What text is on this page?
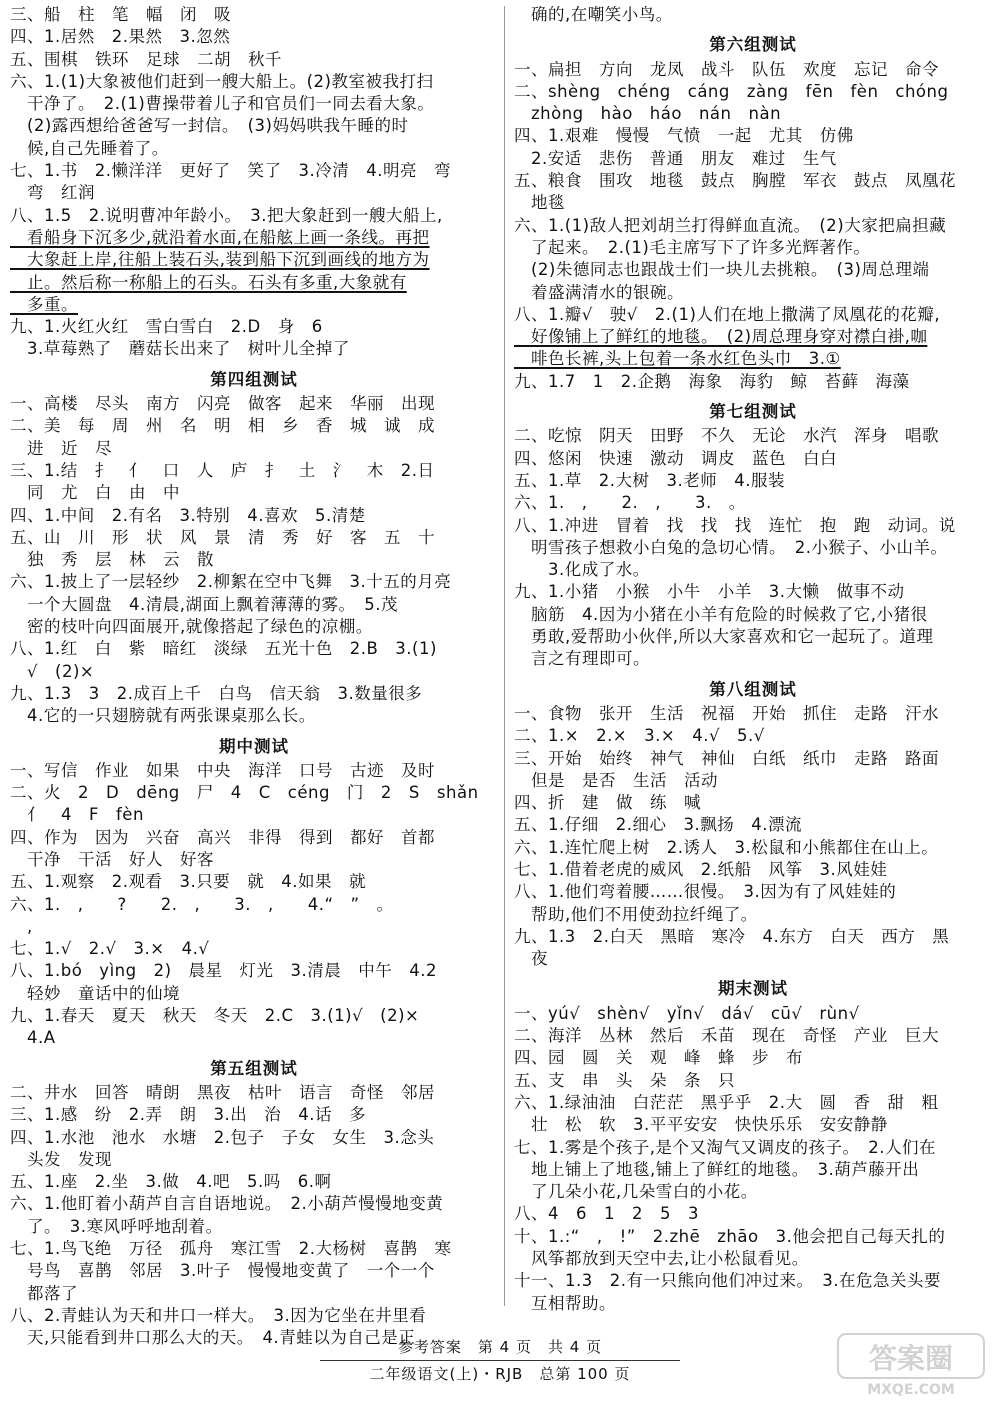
三、船　柱　笔　幅　闭　吸
四、1.居然　2.果然　3.忽然
五、围棋　铁环　足球　二胡　秋千
六、1.(1)大象被他们赶到一艘大船上。(2)教室被我打扫
　干净了。　2.(1)曹操带着儿子和官员们一同去看大象。
　(2)露西想给爸爸写一封信。　(3)妈妈哄我午睡的时
　候,自己先睡着了。
七、1.书　2.懒洋洋　更好了　笑了　3.冷清　4.明亮　弯
　弯　红润
八、1.5　2.说明曹冲年龄小。　3.把大象赶到一艘大船上,
　看船身下沉多少,就沿着水面,在船舷上画一条线。再把
　大象赶上岸,往船上装石头,装到船下沉到画线的地方为
　止。然后称一称船上的石头。石头有多重,大象就有
　多重。
九、1.火红火红　雪白雪白　2.D　身　6
　3.草莓熟了　蘑菇长出来了　树叶儿全掉了
第四组测试
一、高楼　尽头　南方　闪亮　做客　起来　华丽　出现
二、美　每　周　州　名　明　相　乡　香　城　诚　成
　进　近　尽
三、1.结　扌　亻　口　人　庐　扌　土　氵　木　2.日
　同　尤　白　由　中
四、1.中间　2.有名　3.特别　4.喜欢　5.清楚
五、山　川　形　状　风　景　清　秀　好　客　五　十
　独　秀　层　林　云　散
六、1.披上了一层轻纱　2.柳絮在空中飞舞　3.十五的月亮
　一个大圆盘　4.清晨,湖面上飘着薄薄的雾。　5.茂
　密的枝叶向四面展开,就像搭起了绿色的凉棚。
八、1.红　白　紫　暗红　淡绿　五光十色　2.B　3.(1)
　√　(2)×
九、1.3　3　2.成百上千　白鸟　信天翁　3.数量很多
　4.它的一只翅膀就有两张课桌那么长。
期中测试
一、写信　作业　如果　中央　海洋　口号　古迹　及时
二、火　2　D　dēng　尸　4　C　céng　门　2　S　shǎn
　亻　4　F　fèn
四、作为　因为　兴奋　高兴　非得　得到　都好　首都
　干净　干活　好人　好客
五、1.观察　2.观看　3.只要　就　4.如果　就
六、1.　,　　?　　2.　,　　3.　,　　4.“　”　。
　,
七、1.√　2.√　3.×　4.√
八、1.bó　yìng　2)　晨星　灯光　3.清晨　中午　4.2
　轻妙　童话中的仙境
九、1.春天　夏天　秋天　冬天　2.C　3.(1)√　(2)×
　4.A
第五组测试
二、井水　回答　晴朗　黑夜　枯叶　语言　奇怪　邻居
三、1.感　纷　2.弄　朗　3.出　治　4.话　多
四、1.水池　池水　水塘　2.包子　子女　女生　3.念头
　头发　发现
五、1.座　2.坐　3.做　4.吧　5.吗　6.啊
六、1.他盯着小葫芦自言自语地说。　2.小葫芦慢慢地变黄
　了。　3.寒风呼呼地刮着。
七、1.鸟飞绝　万径　孤舟　寒江雪　2.大杨树　喜鹊　寒
　号鸟　喜鹊　邻居　3.叶子　慢慢地变黄了　一个一个
　都落了
八、2.青蛙认为天和井口一样大。　3.因为它坐在井里看
　天,只能看到井口那么大的天。　4.青蛙以为自己是正
　确的,在嘲笑小鸟。
第六组测试
一、扁担　方向　龙凤　战斗　队伍　欢度　忘记　命令
二、shèng　chéng　cáng　zàng　fēn　fèn　chóng
　zhòng　hào　háo　nán　nàn
四、1.艰难　慢慢　气愤　一起　尤其　仿佛
　2.安适　悲伤　普通　朋友　难过　生气
五、粮食　围攻　地毯　鼓点　胸膛　军衣　鼓点　凤凰花
　地毯
六、1.(1)敌人把刘胡兰打得鲜血直流。　(2)大家把扁担藏
　了起来。　2.(1)毛主席写下了许多光辉著作。
　(2)朱德同志也跟战士们一块儿去挑粮。　(3)周总理端
　着盛满清水的银碗。
八、1.瓣√　驶√　2.(1)人们在地上撒满了凤凰花的花瓣,
　好像铺上了鲜红的地毯。　(2)周总理身穿对襟白褂,咖
　啡色长裤,头上包着一条水红色头巾　3.①
九、1.7　1　2.企鹅　海象　海豹　鲸　苔藓　海藻
第七组测试
二、吃惊　阴天　田野　不久　无论　水汽　浑身　唱歌
四、悠闲　快速　激动　调皮　蓝色　白白
五、1.草　2.大树　3.老师　4.服装
六、1.　,　　2.　,　　3.　。
八、1.冲进　冒着　找　找　找　连忙　抱　跑　动词。说
　明雪孩子想救小白兔的急切心情。　2.小猴子、小山羊。
　　3.化成了水。
九、1.小猪　小猴　小牛　小羊　3.大懒　做事不动
　脑筋　4.因为小猪在小羊有危险的时候救了它,小猪很
　勇敢,爱帮助小伙伴,所以大家喜欢和它一起玩了。道理
　言之有理即可。
第八组测试
一、食物　张开　生活　祝福　开始　抓住　走路　汗水
二、1.×　2.×　3.×　4.√　5.√
三、开始　始终　神气　神仙　白纸　纸巾　走路　路面
　但是　是否　生活　活动
四、折　建　做　练　喊
五、1.仔细　2.细心　3.飘扬　4.漂流
六、1.连忙爬上树　2.诱人　3.松鼠和小熊都住在山上。
七、1.借着老虎的威风　2.纸船　风筝　3.风娃娃
八、1.他们弯着腰……很慢。　3.因为有了风娃娃的
　帮助,他们不用使劲拉纤绳了。
九、1.3　2.白天　黑暗　寒冷　4.东方　白天　西方　黑
　夜
期末测试
一、yú√　shèn√　yǐn√　dá√　cū√　rùn√
二、海洋　丛林　然后　禾苗　现在　奇怪　产业　巨大
四、园　圆　关　观　峰　蜂　步　布
五、支　串　头　朵　条　只
六、1.绿油油　白茫茫　黑乎乎　2.大　圆　香　甜　粗
　壮　松　软　3.平平安安　快快乐乐　安安静静
七、1.雾是个孩子,是个又淘气又调皮的孩子。　2.人们在
　地上铺上了地毯,铺上了鲜红的地毯。　3.葫芦藤开出
　了几朵小花,几朵雪白的小花。
八、4　6　1　2　5　3
十、1.:“　,　!”　2.zhē　zhāo　3.他会把自己每天扎的
　风筝都放到天空中去,让小松鼠看见。
十一、1.3　2.有一只熊向他们冲过来。　3.在危急关头要
　互相帮助。
参考答案　第 4 页　共 4 页
二年级语文(上)・RJB　总第 100 页	答案圈
MXQE.COM
